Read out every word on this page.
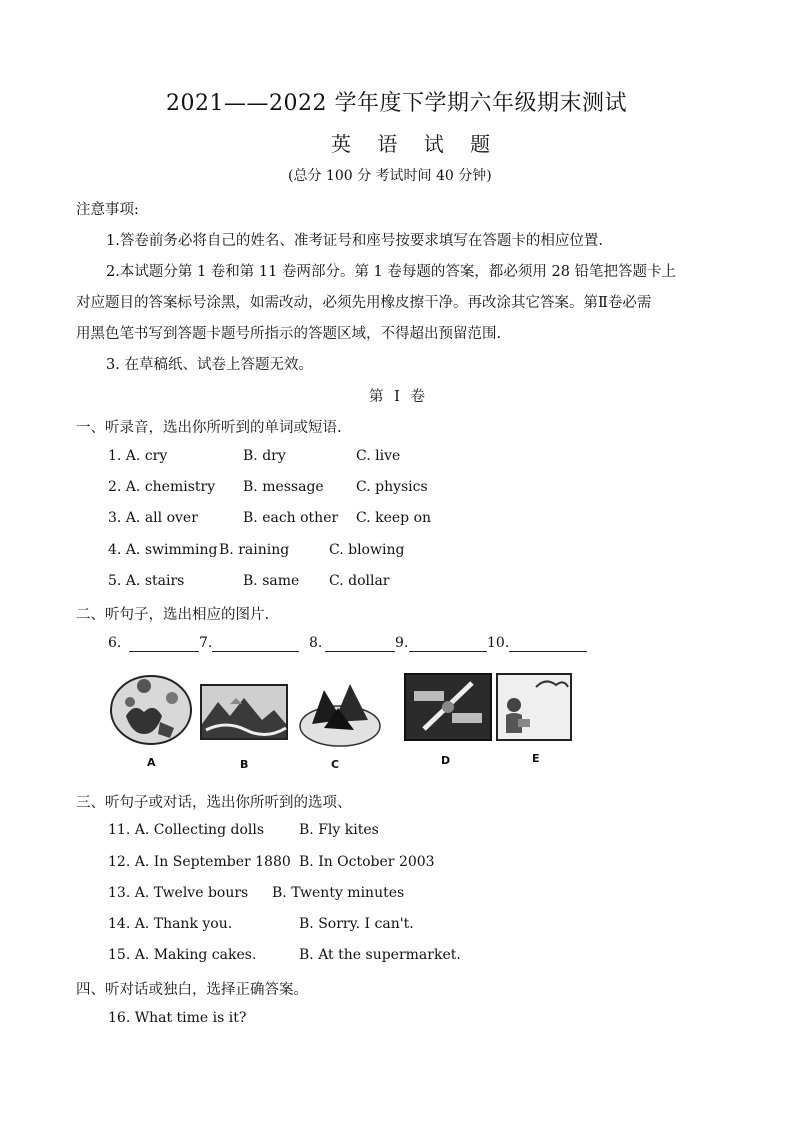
2021——2022 学年度下学期六年级期末测试
英 语 试 题
(总分 100 分 考试时间 40 分钟)
注意事项:
1.答卷前务必将自己的姓名、准考证号和座号按要求填写在答题卡的相应位置.
2.本试题分第 1 卷和第 11 卷两部分。第 1 卷每题的答案，都必须用 28 铅笔把答题卡上
对应题目的答案标号涂黑，如需改动，必须先用橡皮擦干净。再改涂其它答案。第Ⅱ卷必需
用黑色笔书写到答题卡题号所指示的答题区域，不得超出预留范围.
3. 在草稿纸、试卷上答题无效。
第 I 卷
一、听录音，选出你所听到的单词或短语.
1. A. cry	B. dry	C. live
2. A. chemistry B. message C. physics
3. A. all over	B. each other C. keep on
4. A. swimming B. raining	C. blowing
5. A. stairs	B. same C. dollar
二、听句子，选出相应的图片.
6.	7.	8.	9.	10.
A	B	C	D	E
三、听句子或对话，选出你所听到的选项、
11. A. Collecting dolls B. Fly kites
12. A. In September 1880 B. In October 2003
13. A. Twelve bours B. Twenty minutes
14. A. Thank you.	B. Sorry. I can't.
15. A. Making cakes.	B. At the supermarket.
四、听对话或独白，选择正确答案。
16. What time is it?
